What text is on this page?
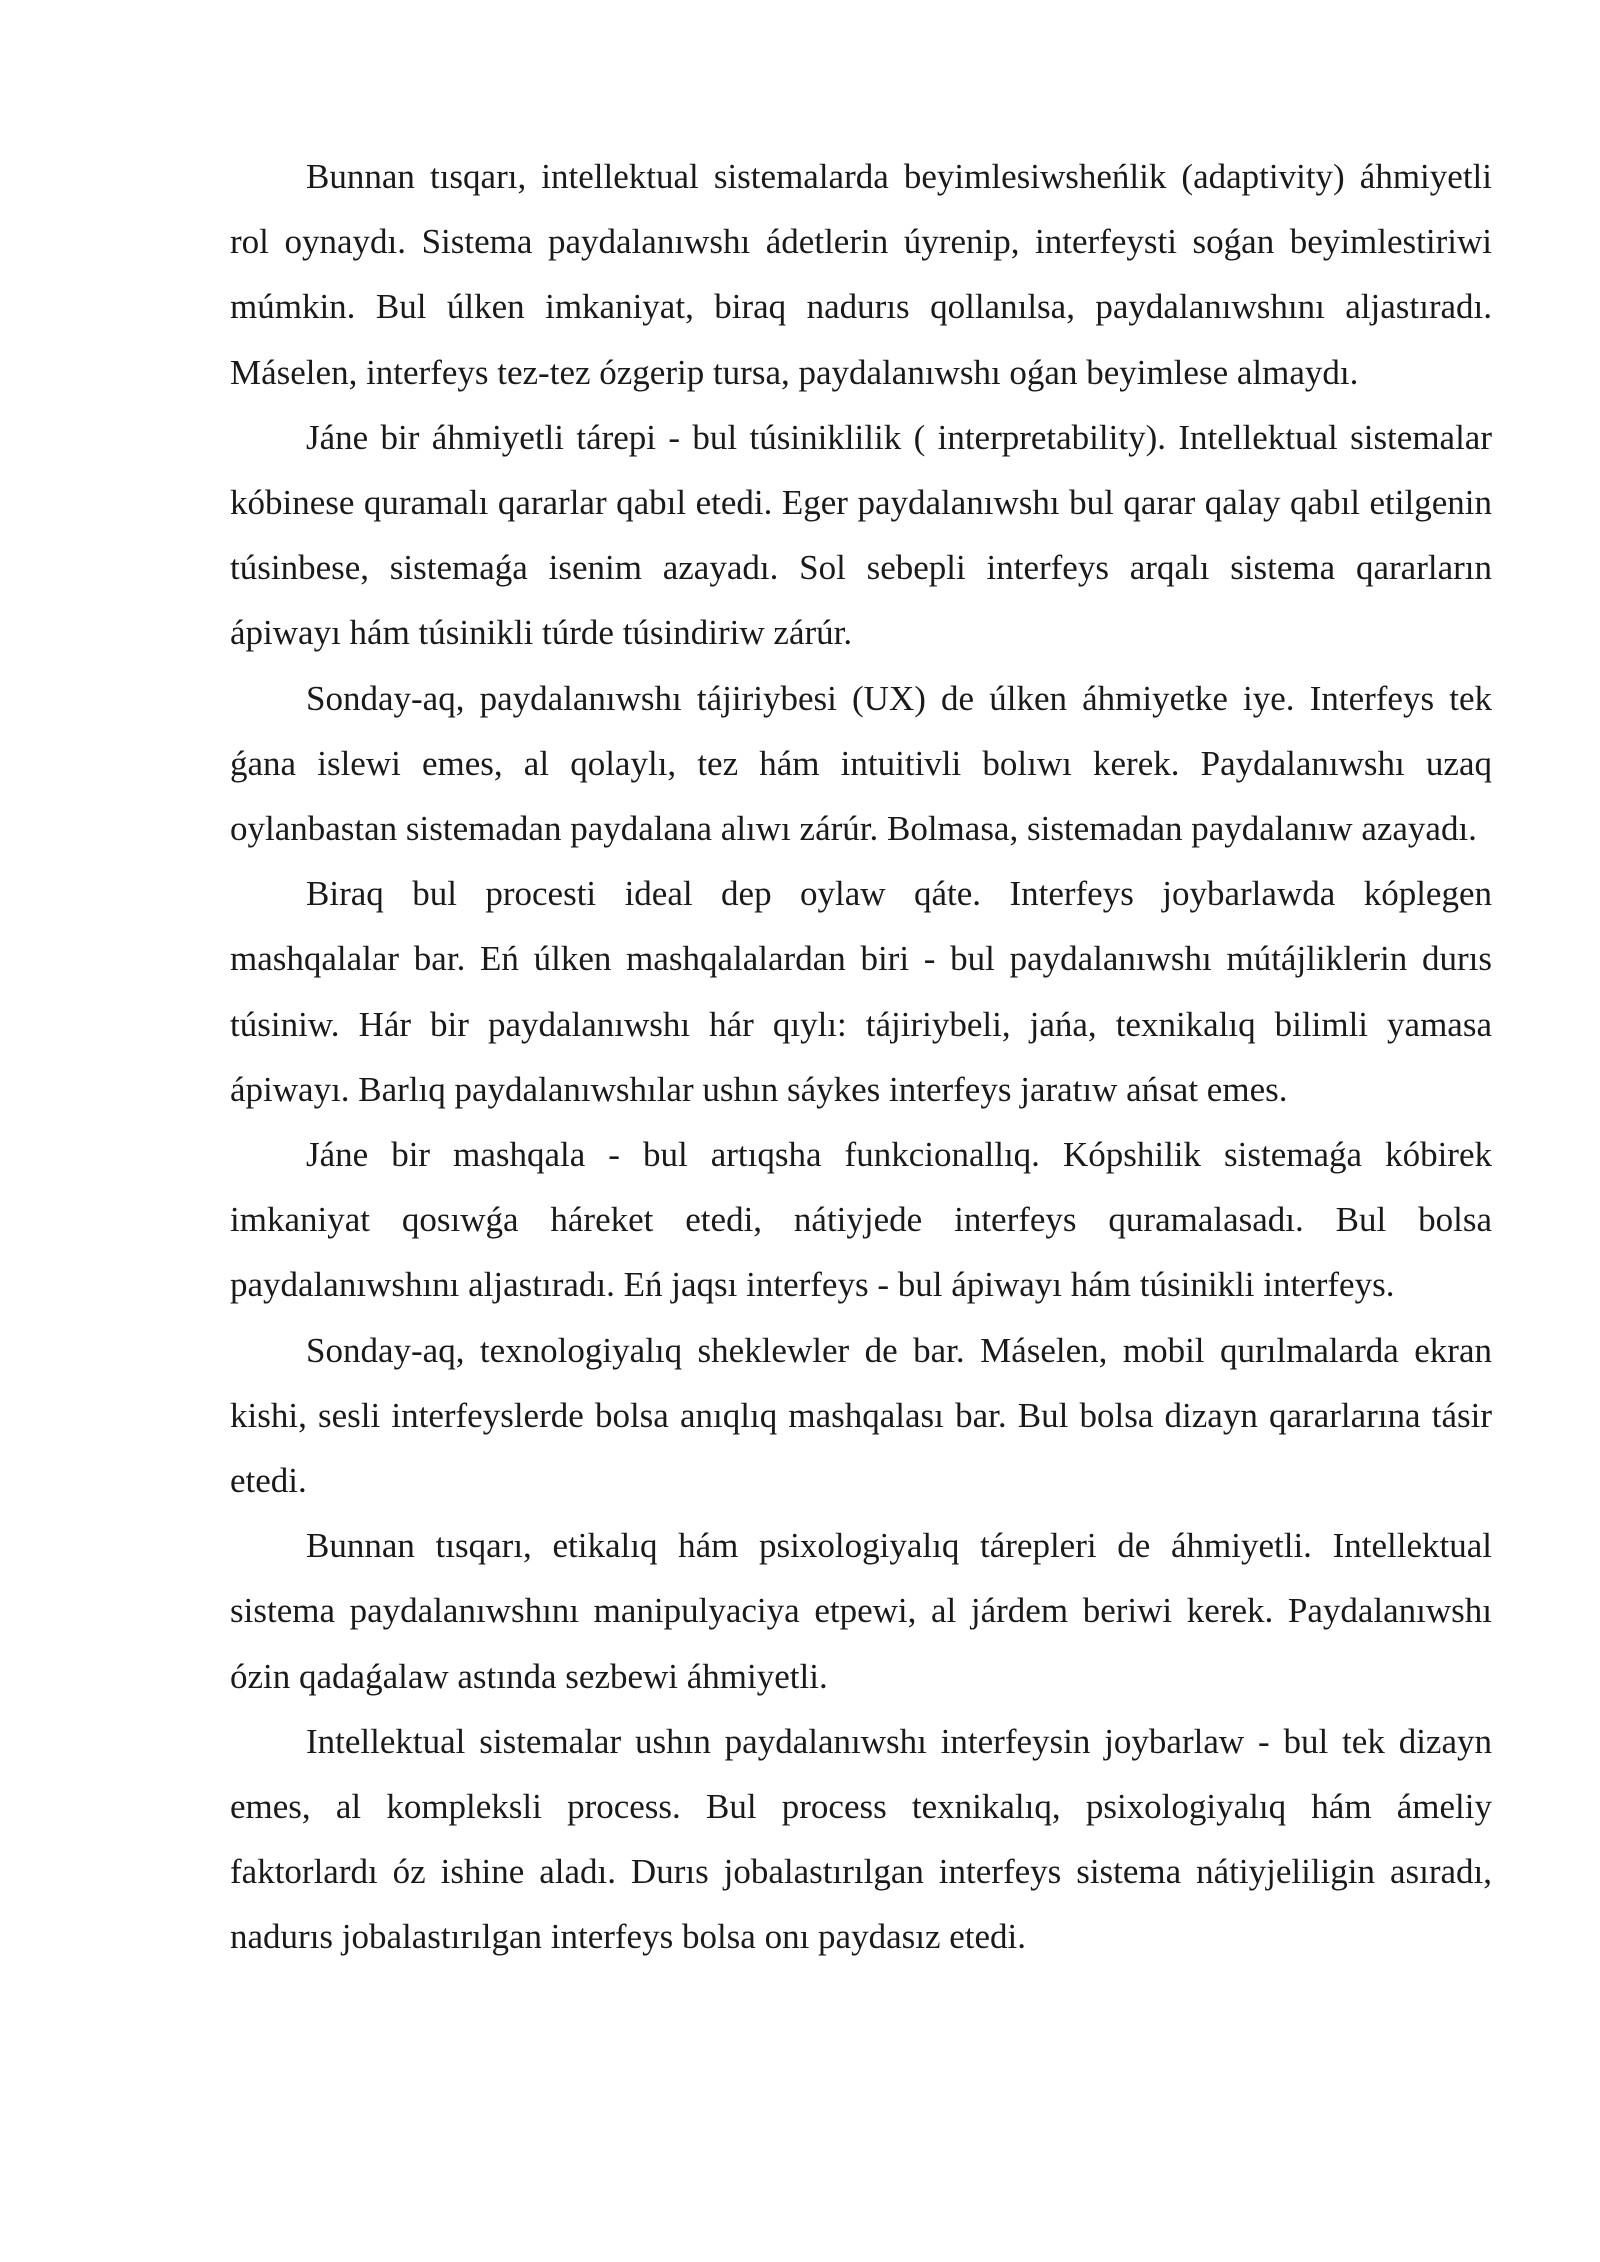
Bunnan tısqarı, intellektual sistemalarda beyimlesiwsheńlik (adaptivity) áhmiyetli rol oynaydı. Sistema paydalanıwshı ádetlerin úyrenip, interfeysti soǵan beyimlestiriwi múmkin. Bul úlken imkaniyat, biraq nadurıs qollanılsa, paydalanıwshını aljastıradı. Máselen, interfeys tez-tez ózgerip tursa, paydalanıwshı oǵan beyimlese almaydı.

Jáne bir áhmiyetli tárepi - bul túsiniklilik ( interpretability). Intellektual sistemalar kóbinese quramalı qararlar qabıl etedi. Eger paydalanıwshı bul qarar qalay qabıl etilgenin túsinbese, sistemaǵa isenim azayadı. Sol sebepli interfeys arqalı sistema qararların ápiwayı hám túsinikli túrde túsindiriw zárúr.

Sonday-aq, paydalanıwshı tájiriybesi (UX) de úlken áhmiyetke iye. Interfeys tek ǵana islewi emes, al qolaylı, tez hám intuitivli bolıwı kerek. Paydalanıwshı uzaq oylanbastan sistemadan paydalana alıwı zárúr. Bolmasa, sistemadan paydalanıw azayadı.

Biraq bul procesti ideal dep oylaw qáte. Interfeys joybarlawda kóplegen mashqalalar bar. Eń úlken mashqalalardan biri - bul paydalanıwshı mútájliklerin durıs túsiniw. Hár bir paydalanıwshı hár qıylı: tájiriybeli, jańa, texnikalıq bilimli yamasa ápiwayı. Barlıq paydalanıwshılar ushın sáykes interfeys jaratıw ańsat emes.

Jáne bir mashqala - bul artıqsha funkcionallıq. Kópshilik sistemaǵa kóbirek imkaniyat qosıwǵa háreket etedi, nátiyjede interfeys quramalasadı. Bul bolsa paydalanıwshını aljastıradı. Eń jaqsı interfeys - bul ápiwayı hám túsinikli interfeys.

Sonday-aq, texnologiyalıq sheklewler de bar. Máselen, mobil qurılmalarda ekran kishi, sesli interfeyslerde bolsa anıqlıq mashqalası bar. Bul bolsa dizayn qararlarına tásir etedi.

Bunnan tısqarı, etikalıq hám psixologiyalıq tárepleri de áhmiyetli. Intellektual sistema paydalanıwshını manipulyaciya etpewi, al járdem beriwi kerek. Paydalanıwshı ózin qadaǵalaw astında sezbewi áhmiyetli.

Intellektual sistemalar ushın paydalanıwshı interfeysin joybarlaw - bul tek dizayn emes, al kompleksli process. Bul process texnikalıq, psixologiyalıq hám ámeliy faktorlardı óz ishine aladı. Durıs jobalastırılgan interfeys sistema nátiyjeliligin asıradı, nadurıs jobalastırılgan interfeys bolsa onı paydasız etedi.
